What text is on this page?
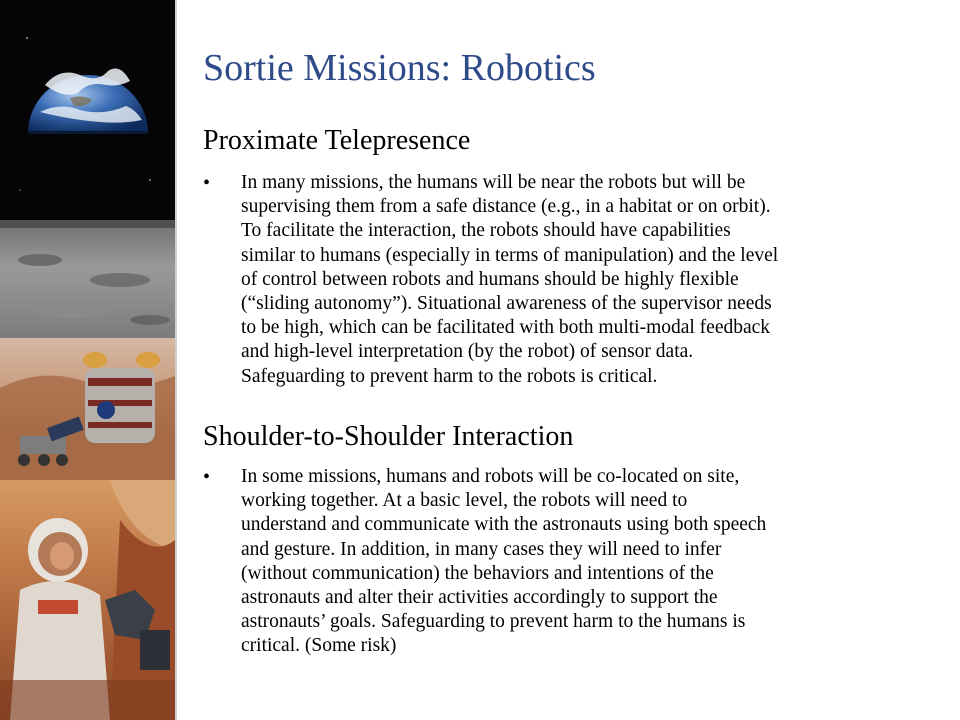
Sortie Missions: Robotics
Proximate Telepresence
• In many missions, the humans will be near the robots but will be
supervising them from a safe distance (e.g., in a habitat or on orbit).
To facilitate the interaction, the robots should have capabilities
similar to humans (especially in terms of manipulation) and the level
of control between robots and humans should be highly flexible
(“sliding autonomy”). Situational awareness of the supervisor needs
to be high, which can be facilitated with both multi-modal feedback
and high-level interpretation (by the robot) of sensor data.
Safeguarding to prevent harm to the robots is critical.
Shoulder-to-Shoulder Interaction
• In some missions, humans and robots will be co-located on site,
working together. At a basic level, the robots will need to
understand and communicate with the astronauts using both speech
and gesture. In addition, in many cases they will need to infer
(without communication) the behaviors and intentions of the
astronauts and alter their activities accordingly to support the
astronauts’ goals. Safeguarding to prevent harm to the humans is
critical. (Some risk)
